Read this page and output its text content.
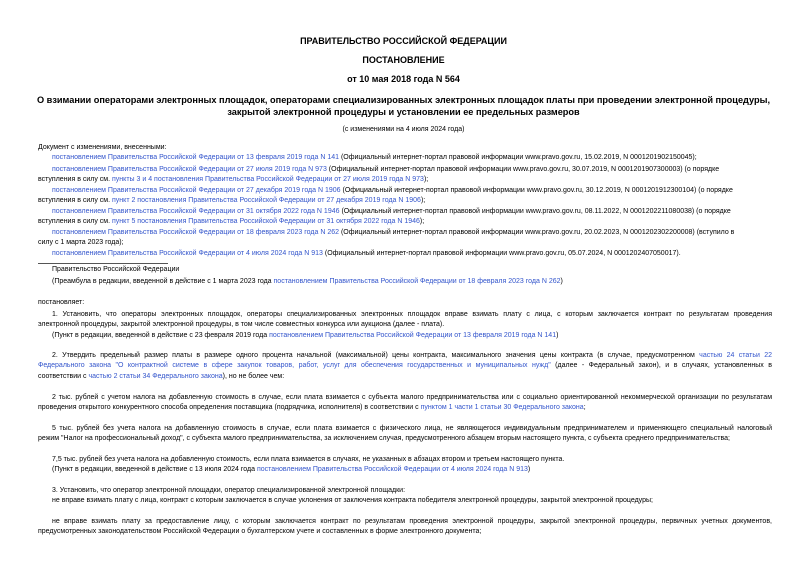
ПРАВИТЕЛЬСТВО РОССИЙСКОЙ ФЕДЕРАЦИИ
ПОСТАНОВЛЕНИЕ
от 10 мая 2018 года N 564
О взимании операторами электронных площадок, операторами специализированных электронных площадок платы при проведении электронной процедуры,
закрытой электронной процедуры и установлении ее предельных размеров
(с изменениями на 4 июля 2024 года)
Документ с изменениями, внесенными:
постановлением Правительства Российской Федерации от 13 февраля 2019 года N 141 (Официальный интернет-портал правовой информации www.pravo.gov.ru, 15.02.2019, N 0001201902150045);
постановлением Правительства Российской Федерации от 27 июля 2019 года N 973 (Официальный интернет-портал правовой информации www.pravo.gov.ru, 30.07.2019, N 0001201907300003) (о порядке
вступления в силу см. пункты 3 и 4 постановления Правительства Российской Федерации от 27 июля 2019 года N 973);
постановлением Правительства Российской Федерации от 27 декабря 2019 года N 1906 (Официальный интернет-портал правовой информации www.pravo.gov.ru, 30.12.2019, N 0001201912300104) (о порядке
вступления в силу см. пункт 2 постановления Правительства Российской Федерации от 27 декабря 2019 года N 1906);
постановлением Правительства Российской Федерации от 31 октября 2022 года N 1946 (Официальный интернет-портал правовой информации www.pravo.gov.ru, 08.11.2022, N 0001202211080038) (о порядке
вступления в силу см. пункт 5 постановления Правительства Российской Федерации от 31 октября 2022 года N 1946);
постановлением Правительства Российской Федерации от 18 февраля 2023 года N 262 (Официальный интернет-портал правовой информации www.pravo.gov.ru, 20.02.2023, N 0001202302200008) (вступило в
силу с 1 марта 2023 года);
постановлением Правительства Российской Федерации от 4 июля 2024 года N 913 (Официальный интернет-портал правовой информации www.pravo.gov.ru, 05.07.2024, N 0001202407050017).
Правительство Российской Федерации
(Преамбула в редакции, введенной в действие с 1 марта 2023 года постановлением Правительства Российской Федерации от 18 февраля 2023 года N 262)
постановляет:
1. Установить, что операторы электронных площадок, операторы специализированных электронных площадок вправе взимать плату с лица, с которым заключается контракт по результатам проведения
электронной процедуры, закрытой электронной процедуры, в том числе совместных конкурса или аукциона (далее - плата).
(Пункт в редакции, введенной в действие с 23 февраля 2019 года постановлением Правительства Российской Федерации от 13 февраля 2019 года N 141)
2. Утвердить предельный размер платы в размере одного процента начальной (максимальной) цены контракта, максимального значения цены контракта (в случае, предусмотренном частью 24 статьи 22
Федерального закона "О контрактной системе в сфере закупок товаров, работ, услуг для обеспечения государственных и муниципальных нужд" (далее - Федеральный закон), и в случаях, установленных в
соответствии с частью 2 статьи 34 Федерального закона), но не более чем:
2 тыс. рублей с учетом налога на добавленную стоимость в случае, если плата взимается с субъекта малого предпринимательства или с социально ориентированной некоммерческой организации по результатам
проведения открытого конкурентного способа определения поставщика (подрядчика, исполнителя) в соответствии с пунктом 1 части 1 статьи 30 Федерального закона;
5 тыс. рублей без учета налога на добавленную стоимость в случае, если плата взимается с физического лица, не являющегося индивидуальным предпринимателем и применяющего специальный налоговый
режим "Налог на профессиональный доход", с субъекта малого предпринимательства, за исключением случая, предусмотренного абзацем вторым настоящего пункта, с субъекта среднего предпринимательства;
7,5 тыс. рублей без учета налога на добавленную стоимость, если плата взимается в случаях, не указанных в абзацах втором и третьем настоящего пункта.
(Пункт в редакции, введенной в действие с 13 июля 2024 года постановлением Правительства Российской Федерации от 4 июля 2024 года N 913)
3. Установить, что оператор электронной площадки, оператор специализированной электронной площадки:
не вправе взимать плату с лица, контракт с которым заключается в случае уклонения от заключения контракта победителя электронной процедуры, закрытой электронной процедуры;
не вправе взимать плату за предоставление лицу, с которым заключается контракт по результатам проведения электронной процедуры, закрытой электронной процедуры, первичных учетных документов,
предусмотренных законодательством Российской Федерации о бухгалтерском учете и составленных в форме электронного документа;
